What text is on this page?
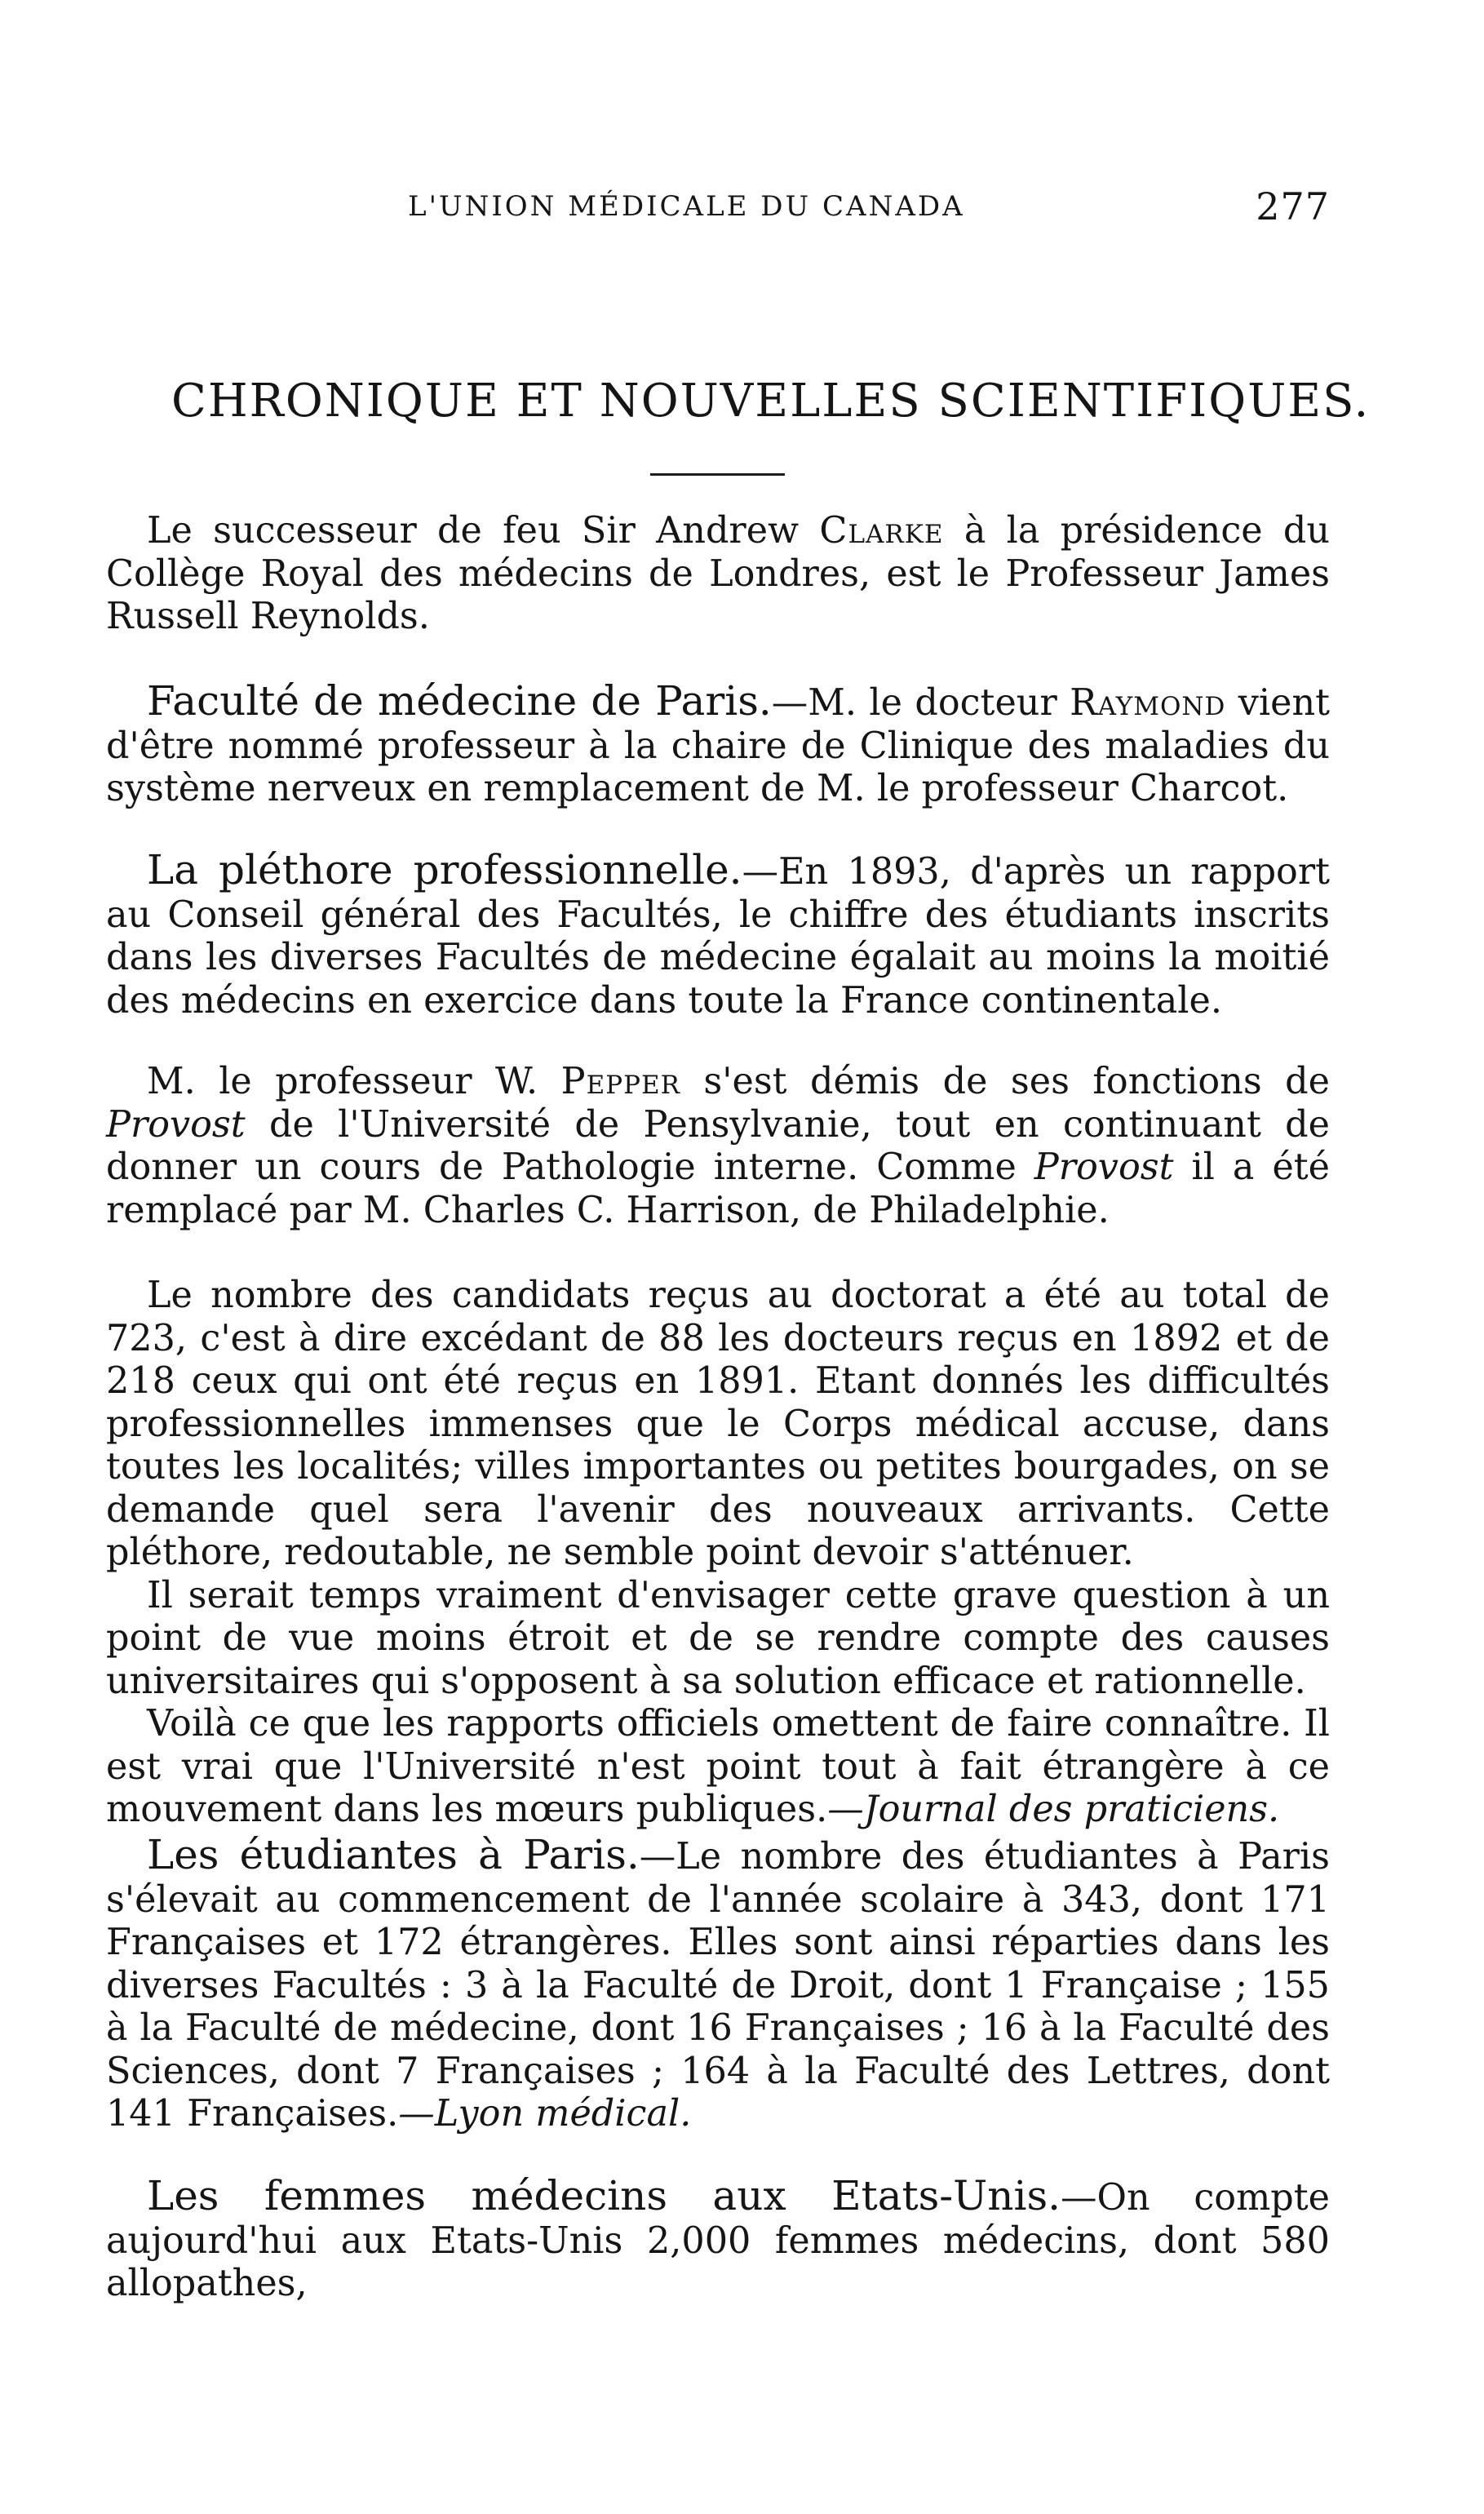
L'UNION MÉDICALE DU CANADA	277
CHRONIQUE ET NOUVELLES SCIENTIFIQUES.

Le successeur de feu Sir Andrew Clarke à la présidence du Collège Royal des médecins de Londres, est le Professeur James Russell Reynolds.

Faculté de médecine de Paris.—M. le docteur Raymond vient d'être nommé professeur à la chaire de Clinique des maladies du système nerveux en remplacement de M. le professeur Charcot.

La pléthore professionnelle.—En 1893, d'après un rapport au Conseil général des Facultés, le chiffre des étudiants inscrits dans les diverses Facultés de médecine égalait au moins la moitié des médecins en exercice dans toute la France continentale.

M. le professeur W. Pepper s'est démis de ses fonctions de Provost de l'Université de Pensylvanie, tout en continuant de donner un cours de Pathologie interne. Comme Provost il a été remplacé par M. Charles C. Harrison, de Philadelphie.

Le nombre des candidats reçus au doctorat a été au total de 723, c'est à dire excédant de 88 les docteurs reçus en 1892 et de 218 ceux qui ont été reçus en 1891. Etant donnés les difficultés professionnelles immenses que le Corps médical accuse, dans toutes les localités; villes importantes ou petites bourgades, on se demande quel sera l'avenir des nouveaux arrivants. Cette pléthore, redoutable, ne semble point devoir s'atténuer.

Il serait temps vraiment d'envisager cette grave question à un point de vue moins étroit et de se rendre compte des causes universitaires qui s'opposent à sa solution efficace et rationnelle.

Voilà ce que les rapports officiels omettent de faire connaître. Il est vrai que l'Université n'est point tout à fait étrangère à ce mouvement dans les mœurs publiques.—Journal des praticiens.

Les étudiantes à Paris.—Le nombre des étudiantes à Paris s'élevait au commencement de l'année scolaire à 343, dont 171 Françaises et 172 étrangères. Elles sont ainsi réparties dans les diverses Facultés : 3 à la Faculté de Droit, dont 1 Française ; 155 à la Faculté de médecine, dont 16 Françaises ; 16 à la Faculté des Sciences, dont 7 Françaises ; 164 à la Faculté des Lettres, dont 141 Françaises.—Lyon médical.

Les femmes médecins aux Etats-Unis.—On compte aujourd'hui aux Etats-Unis 2,000 femmes médecins, dont 580 allopathes,
